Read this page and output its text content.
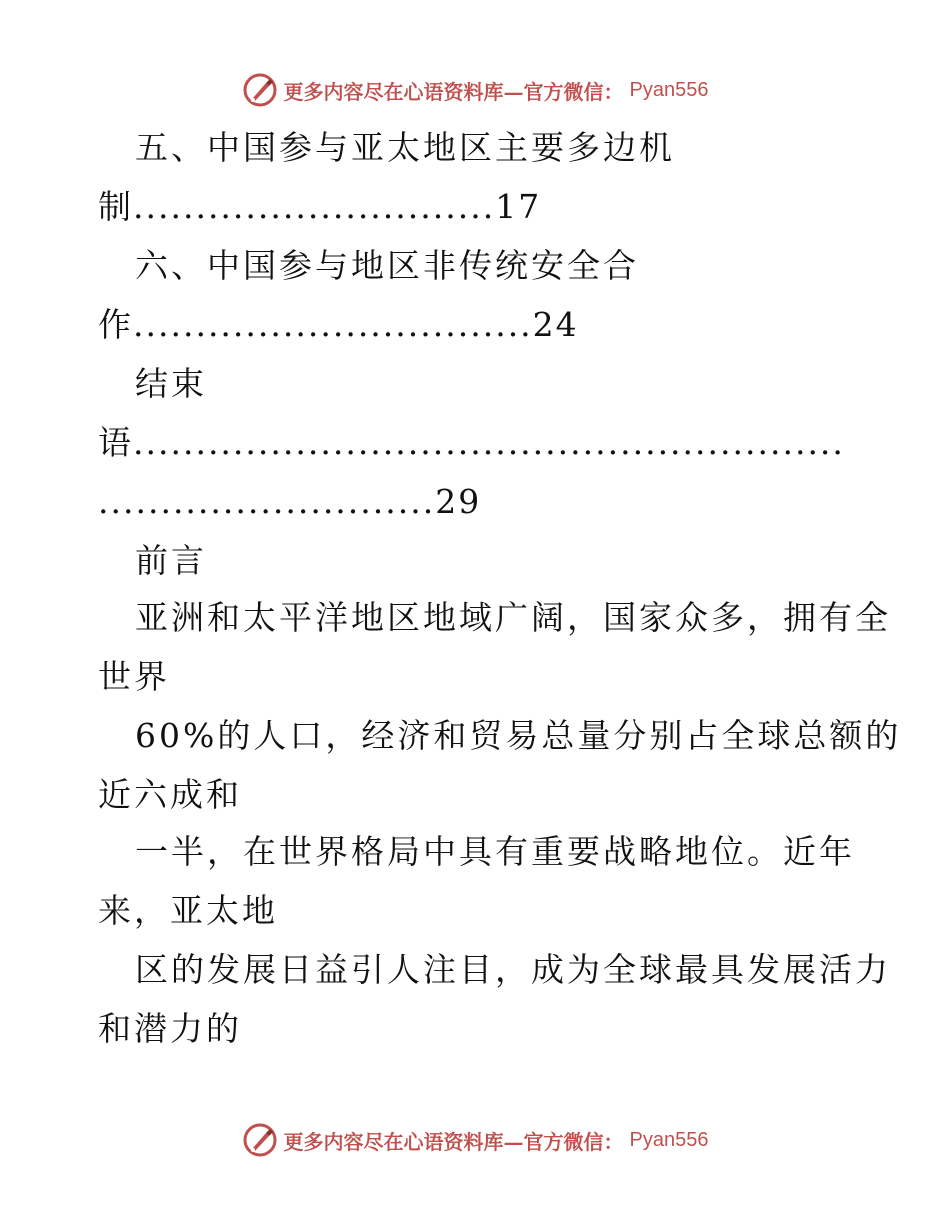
更多内容尽在心语资料库—官方微信： Pyan556
五、中国参与亚太地区主要多边机
制.............................17
六、中国参与地区非传统安全合
作................................24
结束
语.........................................................
...........................29
前言
亚洲和太平洋地区地域广阔，国家众多，拥有全
世界
60%的人口，经济和贸易总量分别占全球总额的
近六成和
一半，在世界格局中具有重要战略地位。近年
来，亚太地
区的发展日益引人注目，成为全球最具发展活力
和潜力的
更多内容尽在心语资料库—官方微信： Pyan556
